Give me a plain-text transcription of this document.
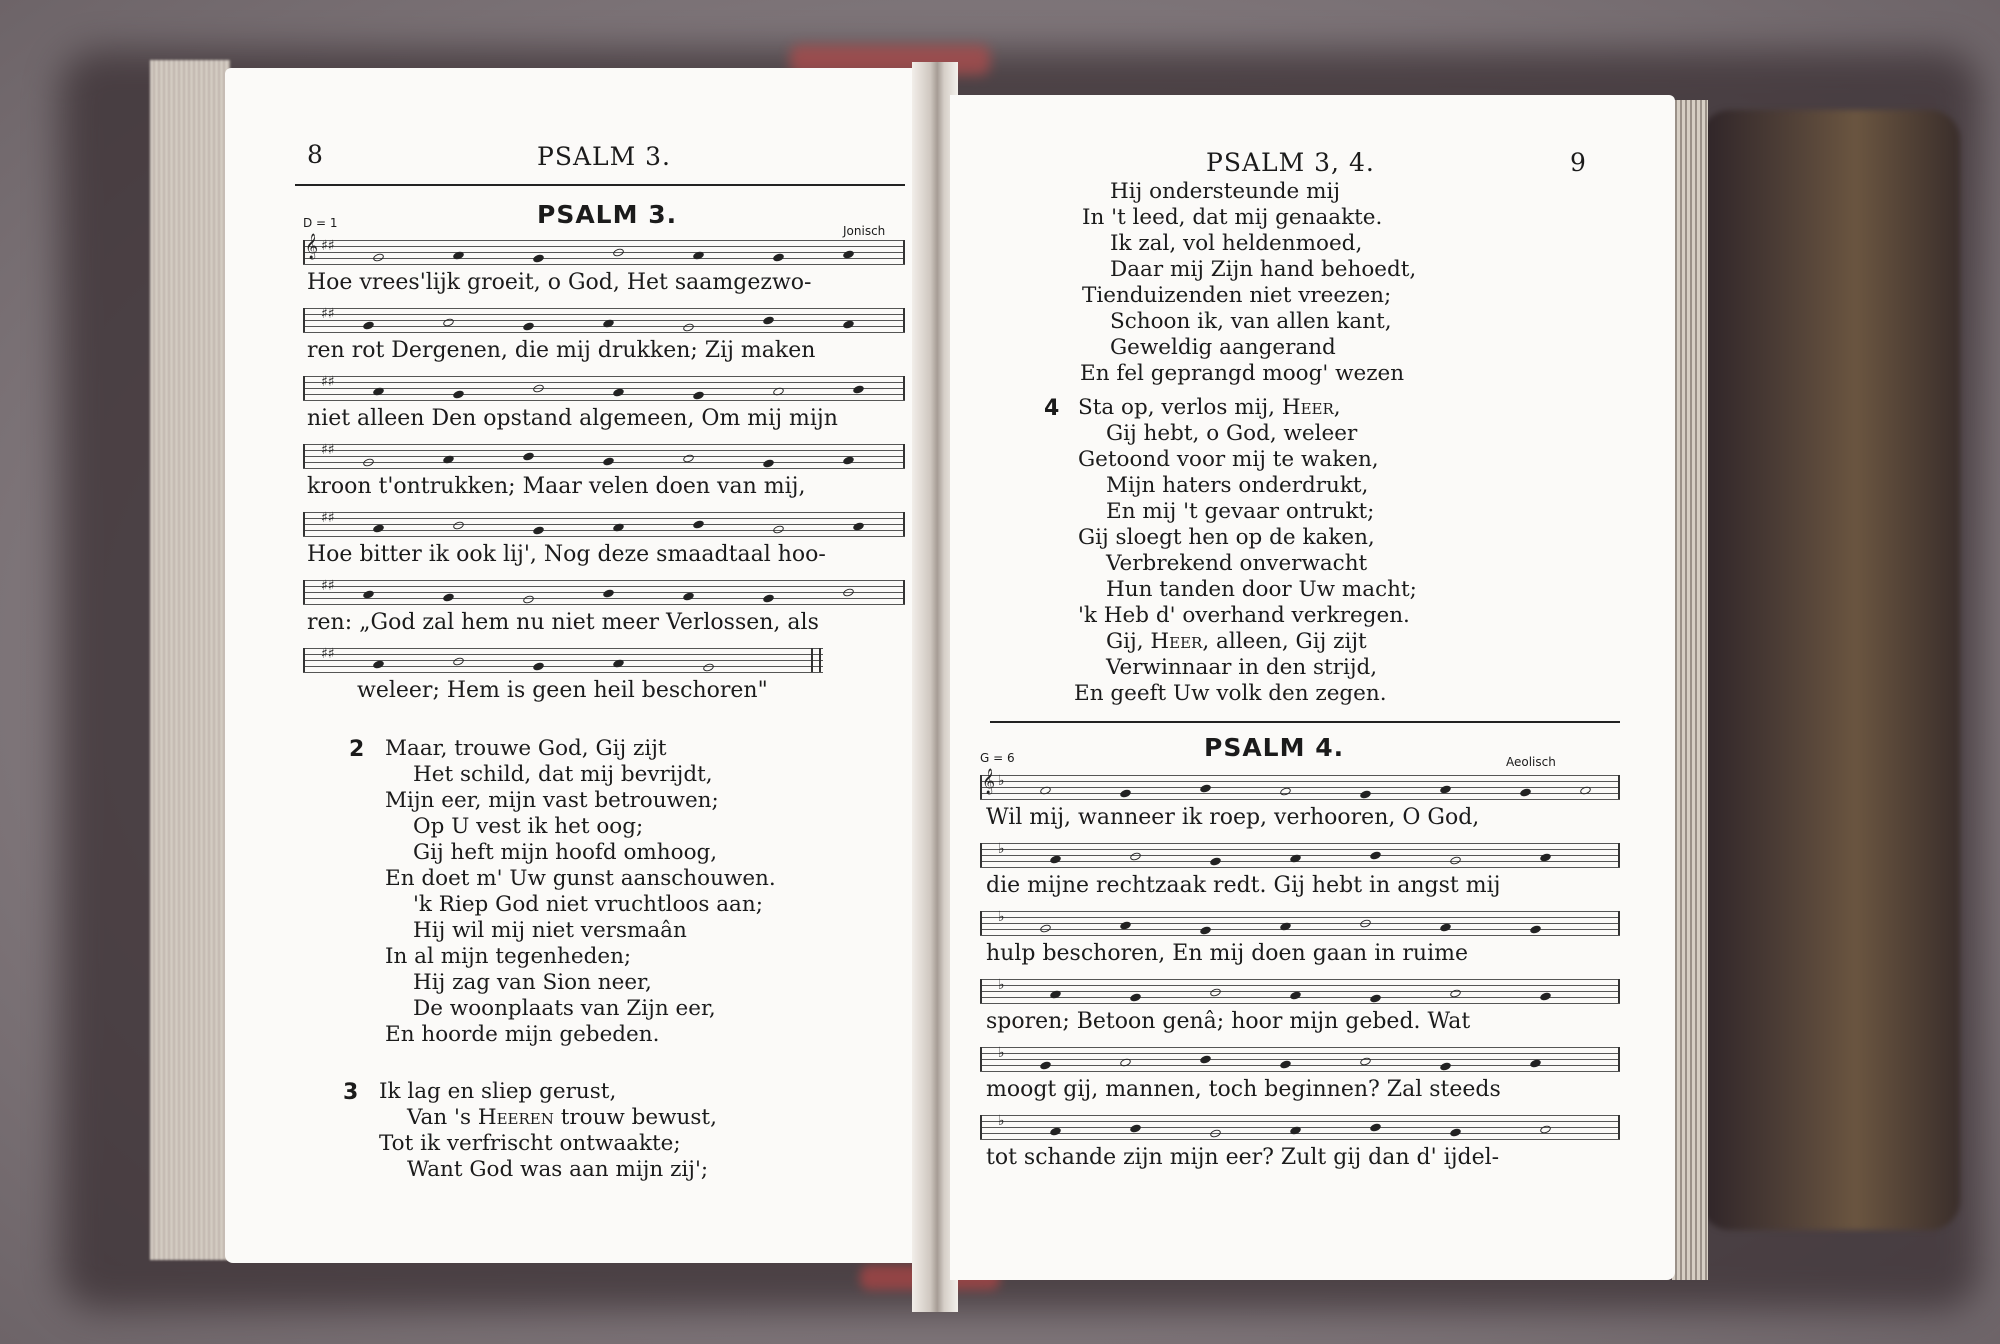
8	PSALM 3.
PSALM 3.
D = 1
Jonisch
𝄞 ♯♯
Hoe vrees'lijk groeit, o God, Het saamgezwo-
♯♯
ren rot Dergenen, die mij drukken; Zij maken
♯♯
niet alleen Den opstand algemeen, Om mij mijn
♯♯
kroon t'ontrukken; Maar velen doen van mij,
♯♯
Hoe bitter ik ook lij', Nog deze smaadtaal hoo-
♯♯
ren: „God zal hem nu niet meer Verlossen, als
♯♯
weleer; Hem is geen heil beschoren"
2 Maar, trouwe God, Gij zijt
Het schild, dat mij bevrijdt,
Mijn eer, mijn vast betrouwen;
Op U vest ik het oog;
Gij heft mijn hoofd omhoog,
En doet m' Uw gunst aanschouwen.
'k Riep God niet vruchtloos aan;
Hij wil mij niet versmaân
In al mijn tegenheden;
Hij zag van Sion neer,
De woonplaats van Zijn eer,
En hoorde mijn gebeden.
3 Ik lag en sliep gerust,
Van 's Heeren trouw bewust,
Tot ik verfrischt ontwaakte;
Want God was aan mijn zij';
PSALM 3, 4.	9
Hij ondersteunde mij
In 't leed, dat mij genaakte.
Ik zal, vol heldenmoed,
Daar mij Zijn hand behoedt,
Tienduizenden niet vreezen;
Schoon ik, van allen kant,
Geweldig aangerand
En fel geprangd moog' wezen
4 Sta op, verlos mij, Heer,
Gij hebt, o God, weleer
Getoond voor mij te waken,
Mijn haters onderdrukt,
En mij 't gevaar ontrukt;
Gij sloegt hen op de kaken,
Verbrekend onverwacht
Hun tanden door Uw macht;
'k Heb d' overhand verkregen.
Gij, Heer, alleen, Gij zijt
Verwinnaar in den strijd,
En geeft Uw volk den zegen.
PSALM 4.
G = 6	Aeolisch
𝄞 ♭
Wil mij, wanneer ik roep, verhooren, O God,
♭
die mijne rechtzaak redt. Gij hebt in angst mij
♭
hulp beschoren, En mij doen gaan in ruime
♭
sporen; Betoon genâ; hoor mijn gebed. Wat
♭
moogt gij, mannen, toch beginnen? Zal steeds
♭
tot schande zijn mijn eer? Zult gij dan d' ijdel-
